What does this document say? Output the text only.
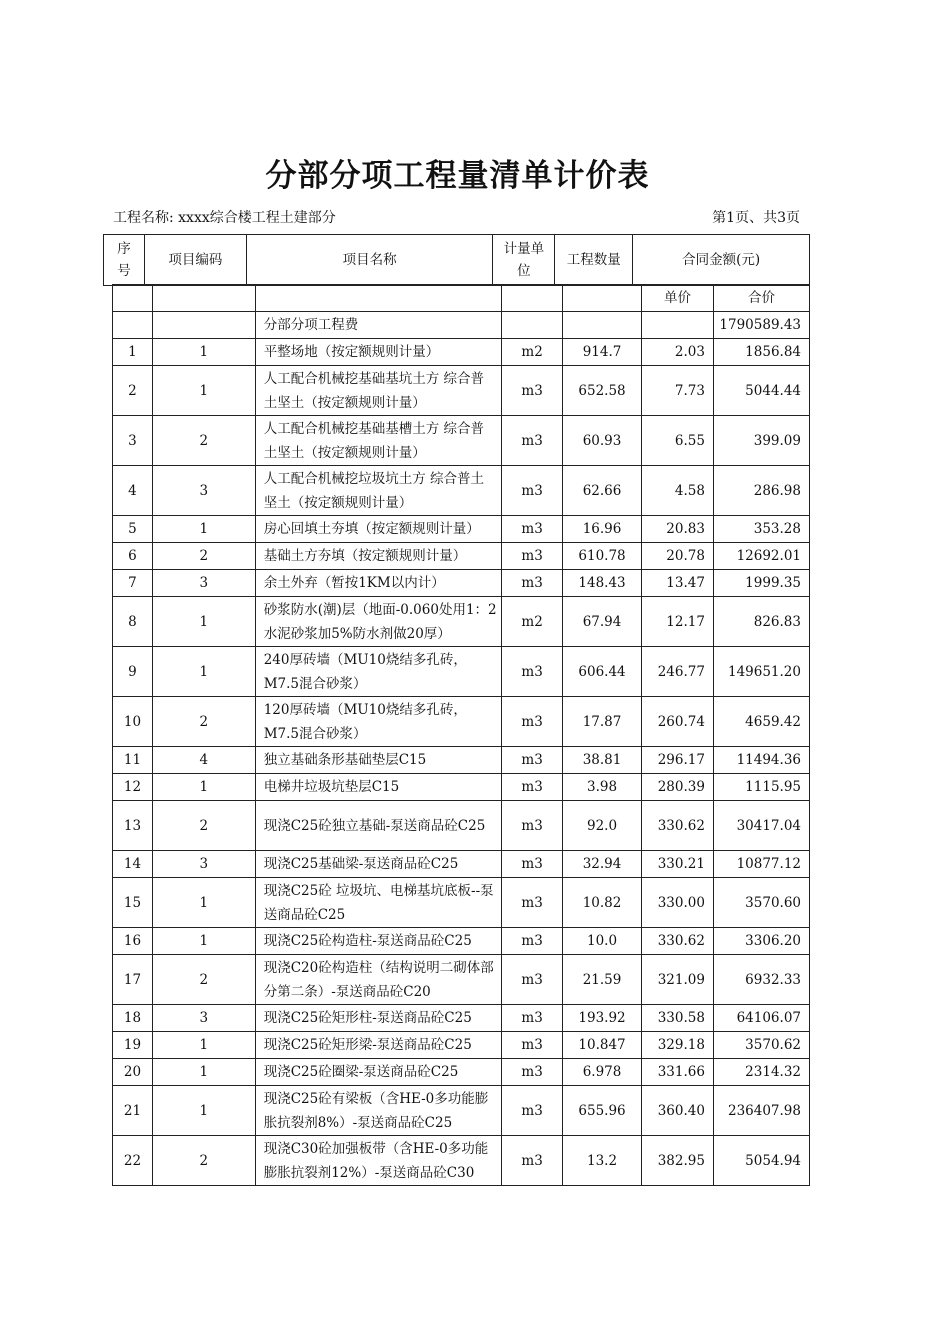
分部分项工程量清单计价表
工程名称: xxxx综合楼工程土建部分	第1页、共3页
序号	项目编码	项目名称	计量单位	工程数量	合同金额(元)
					单价	合价
		分部分项工程费				1790589.43
1	1	平整场地（按定额规则计量）	m2	914.7	2.03	1856.84
2	1	人工配合机械挖基础基坑土方 综合普土坚土（按定额规则计量）	m3	652.58	7.73	5044.44
3	2	人工配合机械挖基础基槽土方 综合普土坚土（按定额规则计量）	m3	60.93	6.55	399.09
4	3	人工配合机械挖垃圾坑土方 综合普土坚土（按定额规则计量）	m3	62.66	4.58	286.98
5	1	房心回填土夯填（按定额规则计量）	m3	16.96	20.83	353.28
6	2	基础土方夯填（按定额规则计量）	m3	610.78	20.78	12692.01
7	3	余土外弃（暂按1KM以内计）	m3	148.43	13.47	1999.35
8	1	砂浆防水(潮)层（地面-0.060处用1：2水泥砂浆加5%防水剂做20厚）	m2	67.94	12.17	826.83
9	1	240厚砖墙（MU10烧结多孔砖，M7.5混合砂浆）	m3	606.44	246.77	149651.20
10	2	120厚砖墙（MU10烧结多孔砖，M7.5混合砂浆）	m3	17.87	260.74	4659.42
11	4	独立基础条形基础垫层C15	m3	38.81	296.17	11494.36
12	1	电梯井垃圾坑垫层C15	m3	3.98	280.39	1115.95
13	2	现浇C25砼独立基础-泵送商品砼C25	m3	92.0	330.62	30417.04
14	3	现浇C25基础梁-泵送商品砼C25	m3	32.94	330.21	10877.12
15	1	现浇C25砼 垃圾坑、电梯基坑底板--泵送商品砼C25	m3	10.82	330.00	3570.60
16	1	现浇C25砼构造柱-泵送商品砼C25	m3	10.0	330.62	3306.20
17	2	现浇C20砼构造柱（结构说明二砌体部分第二条）-泵送商品砼C20	m3	21.59	321.09	6932.33
18	3	现浇C25砼矩形柱-泵送商品砼C25	m3	193.92	330.58	64106.07
19	1	现浇C25砼矩形梁-泵送商品砼C25	m3	10.847	329.18	3570.62
20	1	现浇C25砼圈梁-泵送商品砼C25	m3	6.978	331.66	2314.32
21	1	现浇C25砼有梁板（含HE-0多功能膨胀抗裂剂8%）-泵送商品砼C25	m3	655.96	360.40	236407.98
22	2	现浇C30砼加强板带（含HE-0多功能膨胀抗裂剂12%）-泵送商品砼C30	m3	13.2	382.95	5054.94
